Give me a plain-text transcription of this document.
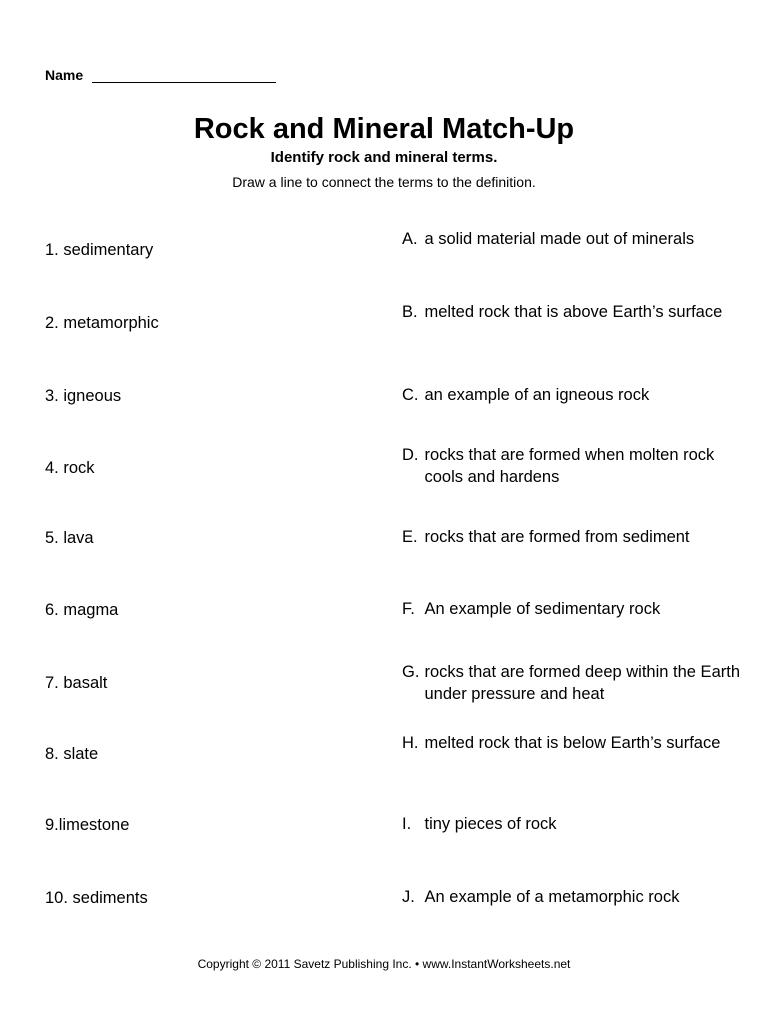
Name
Rock and Mineral Match-Up
Identify rock and mineral terms.
Draw a line to connect the terms to the definition.
1. sedimentary
2. metamorphic
3. igneous
4. rock
5. lava
6. magma
7. basalt
8. slate
9.limestone
10. sediments
A. a solid material made out of minerals
B. melted rock that is above Earth’s surface
C. an example of an igneous rock
D. rocks that are formed when molten rock cools and hardens
E. rocks that are formed from sediment
F. An example of sedimentary rock
G. rocks that are formed deep within the Earth under pressure and heat
H. melted rock that is below Earth’s surface
I. tiny pieces of rock
J. An example of a metamorphic rock
Copyright © 2011 Savetz Publishing Inc. • www.InstantWorksheets.net
